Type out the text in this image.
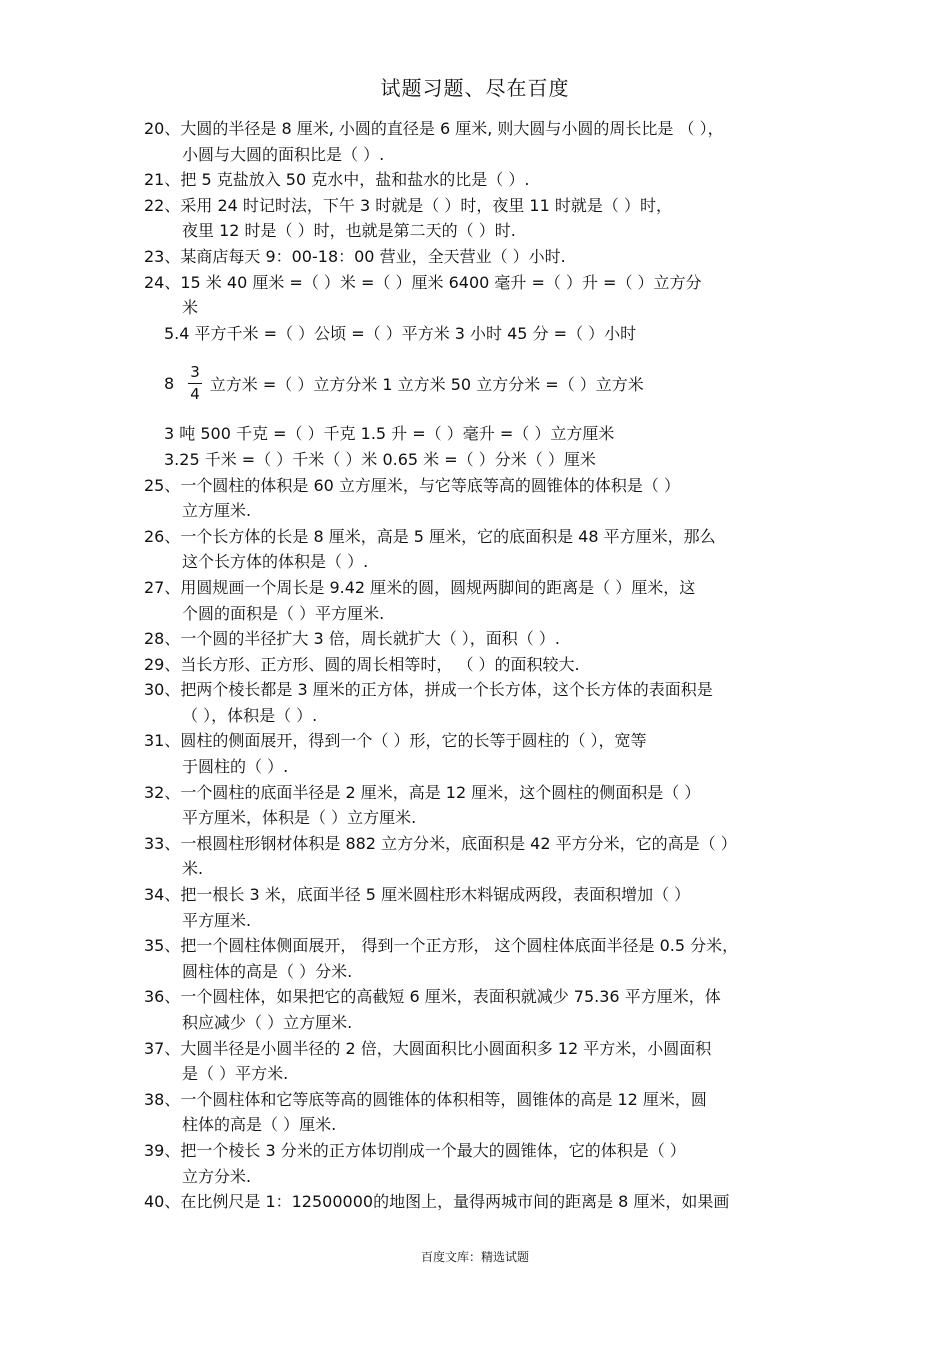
试题习题、尽在百度
20、大圆的半径是 8 厘米, 小圆的直径是 6 厘米, 则大圆与小圆的周长比是 （ ），
小圆与大圆的面积比是（ ）.
21、把 5 克盐放入 50 克水中，盐和盐水的比是（ ）.
22、采用 24 时记时法，下午 3 时就是（ ）时，夜里 11 时就是（ ）时，
夜里 12 时是（ ）时，也就是第二天的（ ）时.
23、某商店每天 9：00-18：00 营业，全天营业（ ）小时.
24、15 米 40 厘米 =（ ）米 =（ ）厘米 6400 毫升 =（ ）升 =（ ）立方分
米
5.4 平方千米 =（ ）公顷 =（ ）平方米 3 小时 45 分 =（ ）小时
$8 \frac{3}{4}$ 立方米 =（ ）立方分米 1 立方米 50 立方分米 =（ ）立方米
3 吨 500 千克 =（ ）千克 1.5 升 =（ ）毫升 =（ ）立方厘米
3.25 千米 =（ ）千米（ ）米 0.65 米 =（ ）分米（ ）厘米
25、一个圆柱的体积是 60 立方厘米，与它等底等高的圆锥体的体积是（ ）
立方厘米.
26、一个长方体的长是 8 厘米，高是 5 厘米，它的底面积是 48 平方厘米，那么
这个长方体的体积是（ ）.
27、用圆规画一个周长是 9.42 厘米的圆，圆规两脚间的距离是（ ）厘米，这
个圆的面积是（ ）平方厘米.
28、一个圆的半径扩大 3 倍，周长就扩大（ ），面积（ ）.
29、当长方形、正方形、圆的周长相等时， （ ）的面积较大.
30、把两个棱长都是 3 厘米的正方体，拼成一个长方体，这个长方体的表面积是
（ ），体积是（ ）.
31、圆柱的侧面展开，得到一个（ ）形，它的长等于圆柱的（ ），宽等
于圆柱的（ ）.
32、一个圆柱的底面半径是 2 厘米，高是 12 厘米，这个圆柱的侧面积是（ ）
平方厘米，体积是（ ）立方厘米.
33、一根圆柱形钢材体积是 882 立方分米，底面积是 42 平方分米，它的高是（ ）
米.
34、把一根长 3 米，底面半径 5 厘米圆柱形木料锯成两段，表面积增加（ ）
平方厘米.
35、把一个圆柱体侧面展开， 得到一个正方形， 这个圆柱体底面半径是 0.5 分米，
圆柱体的高是（ ）分米.
36、一个圆柱体，如果把它的高截短 6 厘米，表面积就减少 75.36 平方厘米，体
积应减少（ ）立方厘米.
37、大圆半径是小圆半径的 2 倍，大圆面积比小圆面积多 12 平方米，小圆面积
是（ ）平方米.
38、一个圆柱体和它等底等高的圆锥体的体积相等，圆锥体的高是 12 厘米，圆
柱体的高是（ ）厘米.
39、把一个棱长 3 分米的正方体切削成一个最大的圆锥体，它的体积是（ ）
立方分米.
40、在比例尺是 1：12500000的地图上，量得两城市间的距离是 8 厘米，如果画
百度文库：精选试题
